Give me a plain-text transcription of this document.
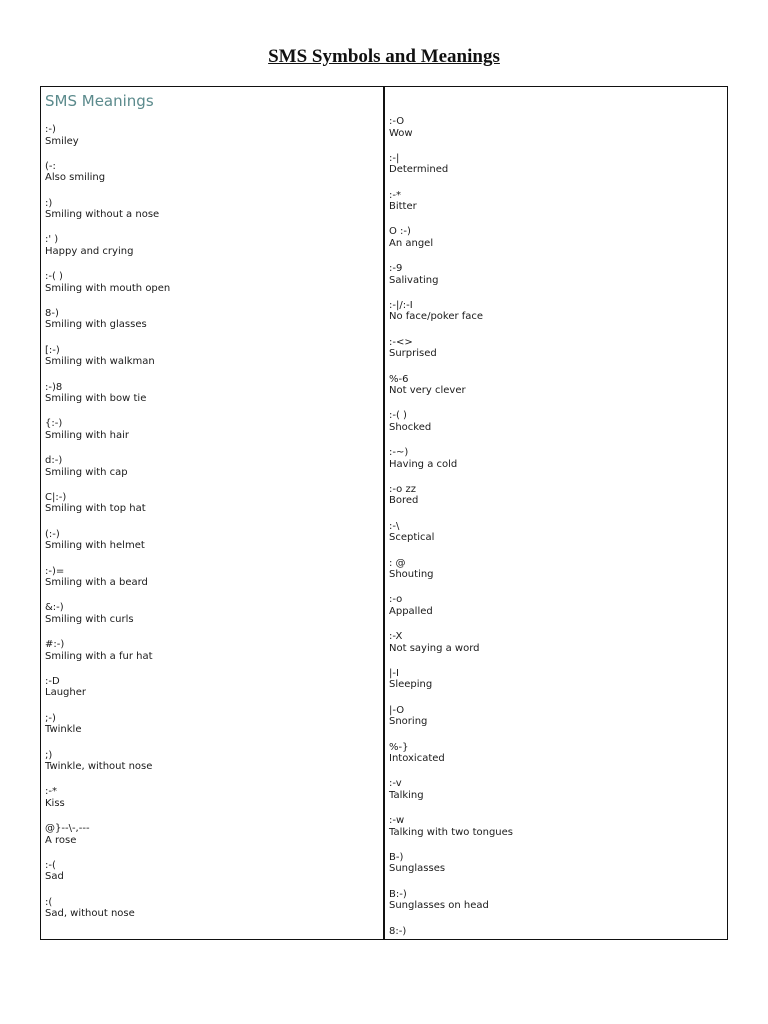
SMS Symbols and Meanings
SMS Meanings
:-)
Smiley
(-:
Also smiling
:)
Smiling without a nose
:' )
Happy and crying
:-( )
Smiling with mouth open
8-)
Smiling with glasses
[:-)
Smiling with walkman
:-)8
Smiling with bow tie
{:-)
Smiling with hair
d:-)
Smiling with cap
C|:-)
Smiling with top hat
(:-)
Smiling with helmet
:-)=
Smiling with a beard
&:-)
Smiling with curls
#:-)
Smiling with a fur hat
:-D
Laugher
;-)
Twinkle
;)
Twinkle, without nose
:-*
Kiss
@}--\-,---
A rose
:-(
Sad
:(
Sad, without nose
:-O
Wow
:-|
Determined
:-*
Bitter
O :-)
An angel
:-9
Salivating
:-|/:-I
No face/poker face
:-<>
Surprised
%-6
Not very clever
:-( )
Shocked
:-~)
Having a cold
:-o zz
Bored
:-\
Sceptical
: @
Shouting
:-o
Appalled
:-X
Not saying a word
|-I
Sleeping
|-O
Snoring
%-}
Intoxicated
:-v
Talking
:-w
Talking with two tongues
B-)
Sunglasses
B:-)
Sunglasses on head
8:-)
